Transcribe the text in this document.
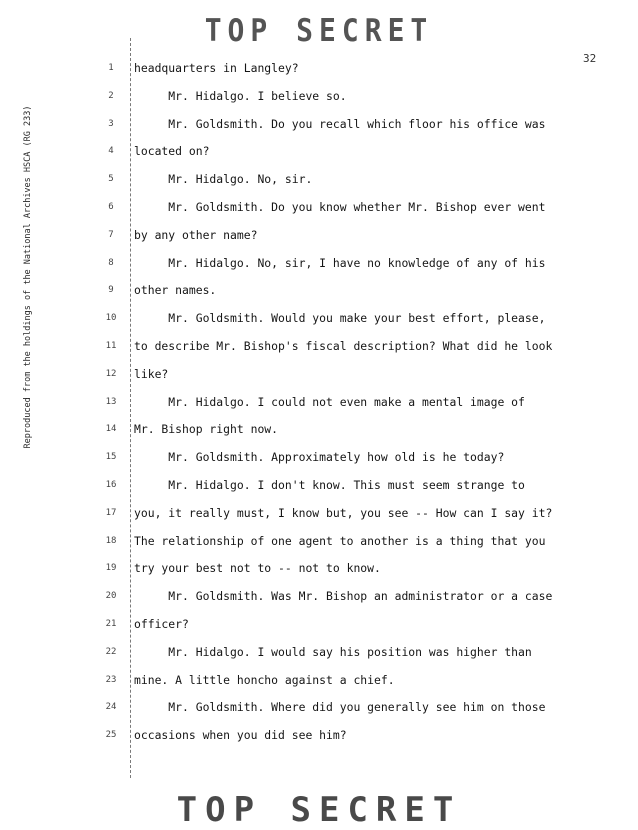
TOP SECRET
Reproduced from the holdings of the National Archives HSCA (RG 233)
32
1	headquarters in Langley?
2	Mr. Hidalgo. I believe so.
3	Mr. Goldsmith. Do you recall which floor his office was
4	located on?
5	Mr. Hidalgo. No, sir.
6	Mr. Goldsmith. Do you know whether Mr. Bishop ever went
7	by any other name?
8	Mr. Hidalgo. No, sir, I have no knowledge of any of his
9	other names.
10	Mr. Goldsmith. Would you make your best effort, please,
11	to describe Mr. Bishop's fiscal description? What did he look
12	like?
13	Mr. Hidalgo. I could not even make a mental image of
14	Mr. Bishop right now.
15	Mr. Goldsmith. Approximately how old is he today?
16	Mr. Hidalgo. I don't know. This must seem strange to
17	you, it really must, I know but, you see -- How can I say it?
18	The relationship of one agent to another is a thing that you
19	try your best not to -- not to know.
20	Mr. Goldsmith. Was Mr. Bishop an administrator or a case
21	officer?
22	Mr. Hidalgo. I would say his position was higher than
23	mine. A little honcho against a chief.
24	Mr. Goldsmith. Where did you generally see him on those
25	occasions when you did see him?
TOP SECRET
